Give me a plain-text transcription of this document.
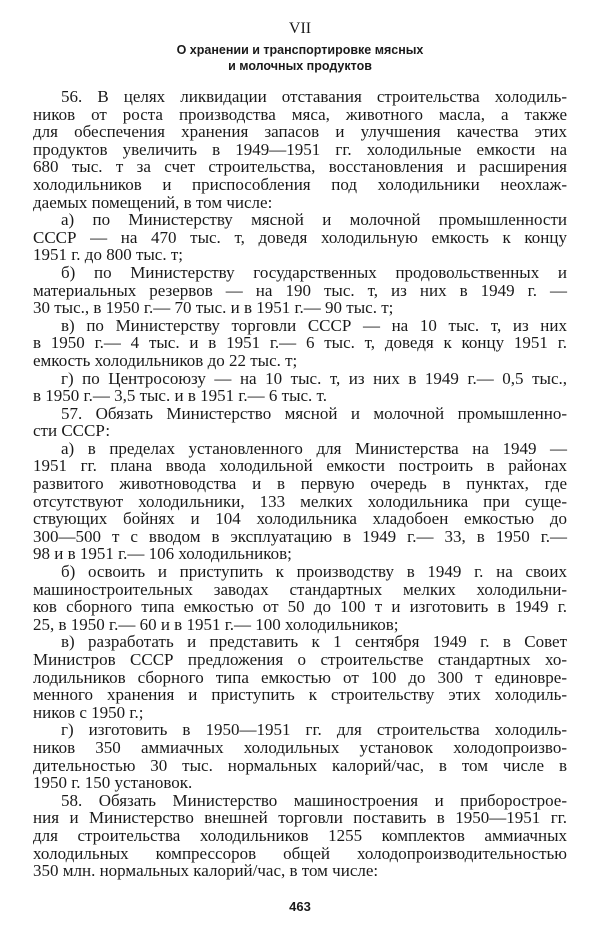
VII
О хранении и транспортировке мясных
и молочных продуктов
56. В целях ликвидации отставания строительства холодиль-
ников от роста производства мяса, животного масла, а также
для обеспечения хранения запасов и улучшения качества этих
продуктов увеличить в 1949—1951 гг. холодильные емкости на
680 тыс. т за счет строительства, восстановления и расширения
холодильников и приспособления под холодильники неохлаж-
даемых помещений, в том числе:
а) по Министерству мясной и молочной промышленности
СССР — на 470 тыс. т, доведя холодильную емкость к концу
1951 г. до 800 тыс. т;
б) по Министерству государственных продовольственных и
материальных резервов — на 190 тыс. т, из них в 1949 г. —
30 тыс., в 1950 г.— 70 тыс. и в 1951 г.— 90 тыс. т;
в) по Министерству торговли СССР — на 10 тыс. т, из них
в 1950 г.— 4 тыс. и в 1951 г.— 6 тыс. т, доведя к концу 1951 г.
емкость холодильников до 22 тыс. т;
г) по Центросоюзу — на 10 тыс. т, из них в 1949 г.— 0,5 тыс.,
в 1950 г.— 3,5 тыс. и в 1951 г.— 6 тыс. т.
57. Обязать Министерство мясной и молочной промышленно-
сти СССР:
а) в пределах установленного для Министерства на 1949 —
1951 гг. плана ввода холодильной емкости построить в районах
развитого животноводства и в первую очередь в пунктах, где
отсутствуют холодильники, 133 мелких холодильника при суще-
ствующих бойнях и 104 холодильника хладобоен емкостью до
300—500 т с вводом в эксплуатацию в 1949 г.— 33, в 1950 г.—
98 и в 1951 г.— 106 холодильников;
б) освоить и приступить к производству в 1949 г. на своих
машиностроительных заводах стандартных мелких холодильни-
ков сборного типа емкостью от 50 до 100 т и изготовить в 1949 г.
25, в 1950 г.— 60 и в 1951 г.— 100 холодильников;
в) разработать и представить к 1 сентября 1949 г. в Совет
Министров СССР предложения о строительстве стандартных хо-
лодильников сборного типа емкостью от 100 до 300 т единовре-
менного хранения и приступить к строительству этих холодиль-
ников с 1950 г.;
г) изготовить в 1950—1951 гг. для строительства холодиль-
ников 350 аммиачных холодильных установок холодопроизво-
дительностью 30 тыс. нормальных калорий/час, в том числе в
1950 г. 150 установок.
58. Обязать Министерство машиностроения и приборострое-
ния и Министерство внешней торговли поставить в 1950—1951 гг.
для строительства холодильников 1255 комплектов аммиачных
холодильных компрессоров общей холодопроизводительностью
350 млн. нормальных калорий/час, в том числе:
463
